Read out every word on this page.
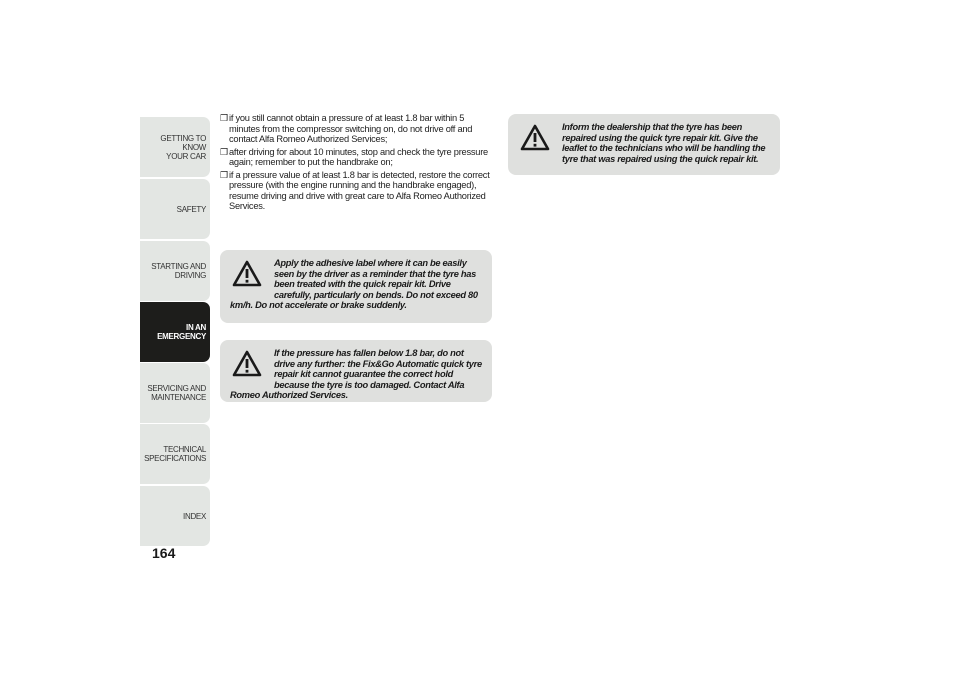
GETTING TO KNOW
YOUR CAR
SAFETY
STARTING AND
DRIVING
IN AN
EMERGENCY
SERVICING AND
MAINTENANCE
TECHNICAL
SPECIFICATIONS
INDEX
164
❒ if you still cannot obtain a pressure of at least 1.8 bar within 5 minutes from the compressor switching on, do not drive off and contact Alfa Romeo Authorized Services;
❒ after driving for about 10 minutes, stop and check the tyre pressure again; remember to put the handbrake on;
❒ if a pressure value of at least 1.8 bar is detected, restore the correct pressure (with the engine running and the handbrake engaged), resume driving and drive with great care to Alfa Romeo Authorized Services.
Apply the adhesive label where it can be easily seen by the driver as a reminder that the tyre has been treated with the quick repair kit. Drive carefully, particularly on bends. Do not exceed 80 km/h. Do not accelerate or brake suddenly.
If the pressure has fallen below 1.8 bar, do not drive any further: the Fix&Go Automatic quick tyre repair kit cannot guarantee the correct hold because the tyre is too damaged. Contact Alfa Romeo Authorized Services.
Inform the dealership that the tyre has been repaired using the quick tyre repair kit. Give the leaflet to the technicians who will be handling the tyre that was repaired using the quick repair kit.
